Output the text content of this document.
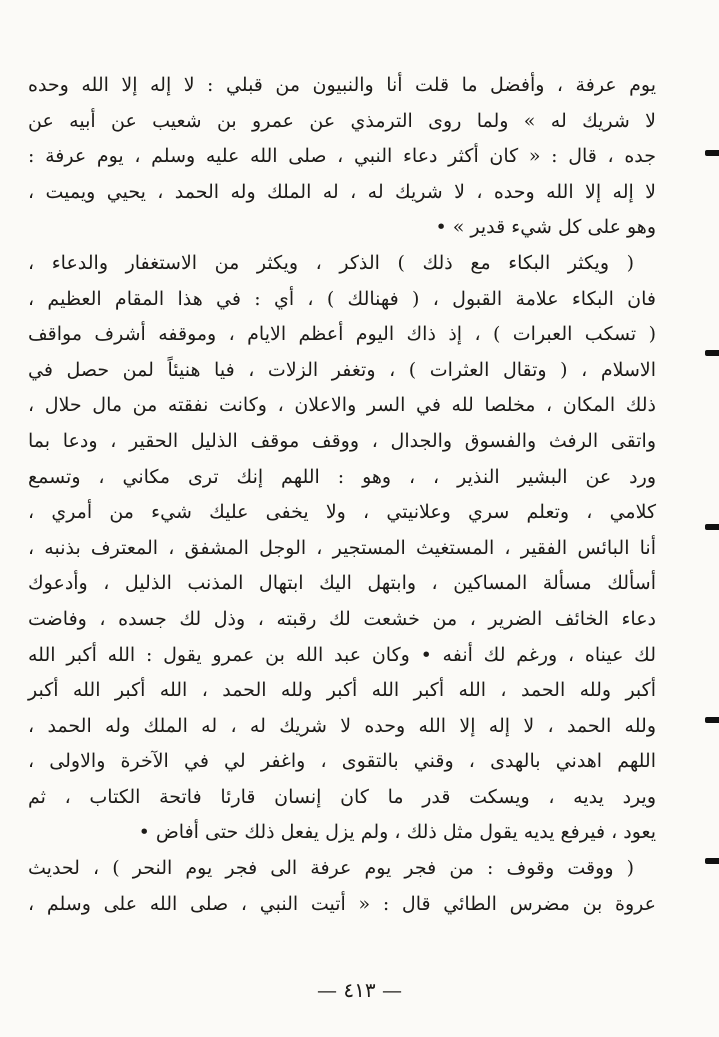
يوم عرفة ، وأفضل ما قلت أنا والنبيون من قبلي : لا إله إلا الله وحده
لا شريك له » ولما روى الترمذي عن عمرو بن شعيب عن أبيه عن
جده ، قال : « كان أكثر دعاء النبي ، صلى الله عليه وسلم ، يوم عرفة :
لا إله إلا الله وحده ، لا شريك له ، له الملك وله الحمد ، يحيي ويميت ،
وهو على كل شيء قدير » •
( ويكثر البكاء مع ذلك ) الذكر ، ويكثر من الاستغفار والدعاء ،
فان البكاء علامة القبول ، ( فهنالك ) ، أي : في هذا المقام العظيم ،
( تسكب العبرات ) ، إذ ذاك اليوم أعظم الايام ، وموقفه أشرف مواقف
الاسلام ، ( وتقال العثرات ) ، وتغفر الزلات ، فيا هنيئاً لمن حصل في
ذلك المكان ، مخلصا لله في السر والاعلان ، وكانت نفقته من مال حلال ،
واتقى الرفث والفسوق والجدال ، ووقف موقف الذليل الحقير ، ودعا بما
ورد عن البشير النذير ، ، وهو : اللهم إنك ترى مكاني ، وتسمع
كلامي ، وتعلم سري وعلانيتي ، ولا يخفى عليك شيء من أمري ،
أنا البائس الفقير ، المستغيث المستجير ، الوجل المشفق ، المعترف بذنبه ،
أسألك مسألة المساكين ، وابتهل اليك ابتهال المذنب الذليل ، وأدعوك
دعاء الخائف الضرير ، من خشعت لك رقبته ، وذل لك جسده ، وفاضت
لك عيناه ، ورغم لك أنفه • وكان عبد الله بن عمرو يقول : الله أكبر الله
أكبر ولله الحمد ، الله أكبر الله أكبر ولله الحمد ، الله أكبر الله أكبر
ولله الحمد ، لا إله إلا الله وحده لا شريك له ، له الملك وله الحمد ،
اللهم اهدني بالهدى ، وقني بالتقوى ، واغفر لي في الآخرة والاولى ،
ويرد يديه ، ويسكت قدر ما كان إنسان قارئا فاتحة الكتاب ، ثم
يعود ، فيرفع يديه يقول مثل ذلك ، ولم يزل يفعل ذلك حتى أفاض •
( ووقت وقوف : من فجر يوم عرفة الى فجر يوم النحر ) ، لحديث
عروة بن مضرس الطائي قال : « أتيت النبي ، صلى الله على وسلم ،
— ٤١٣ —
